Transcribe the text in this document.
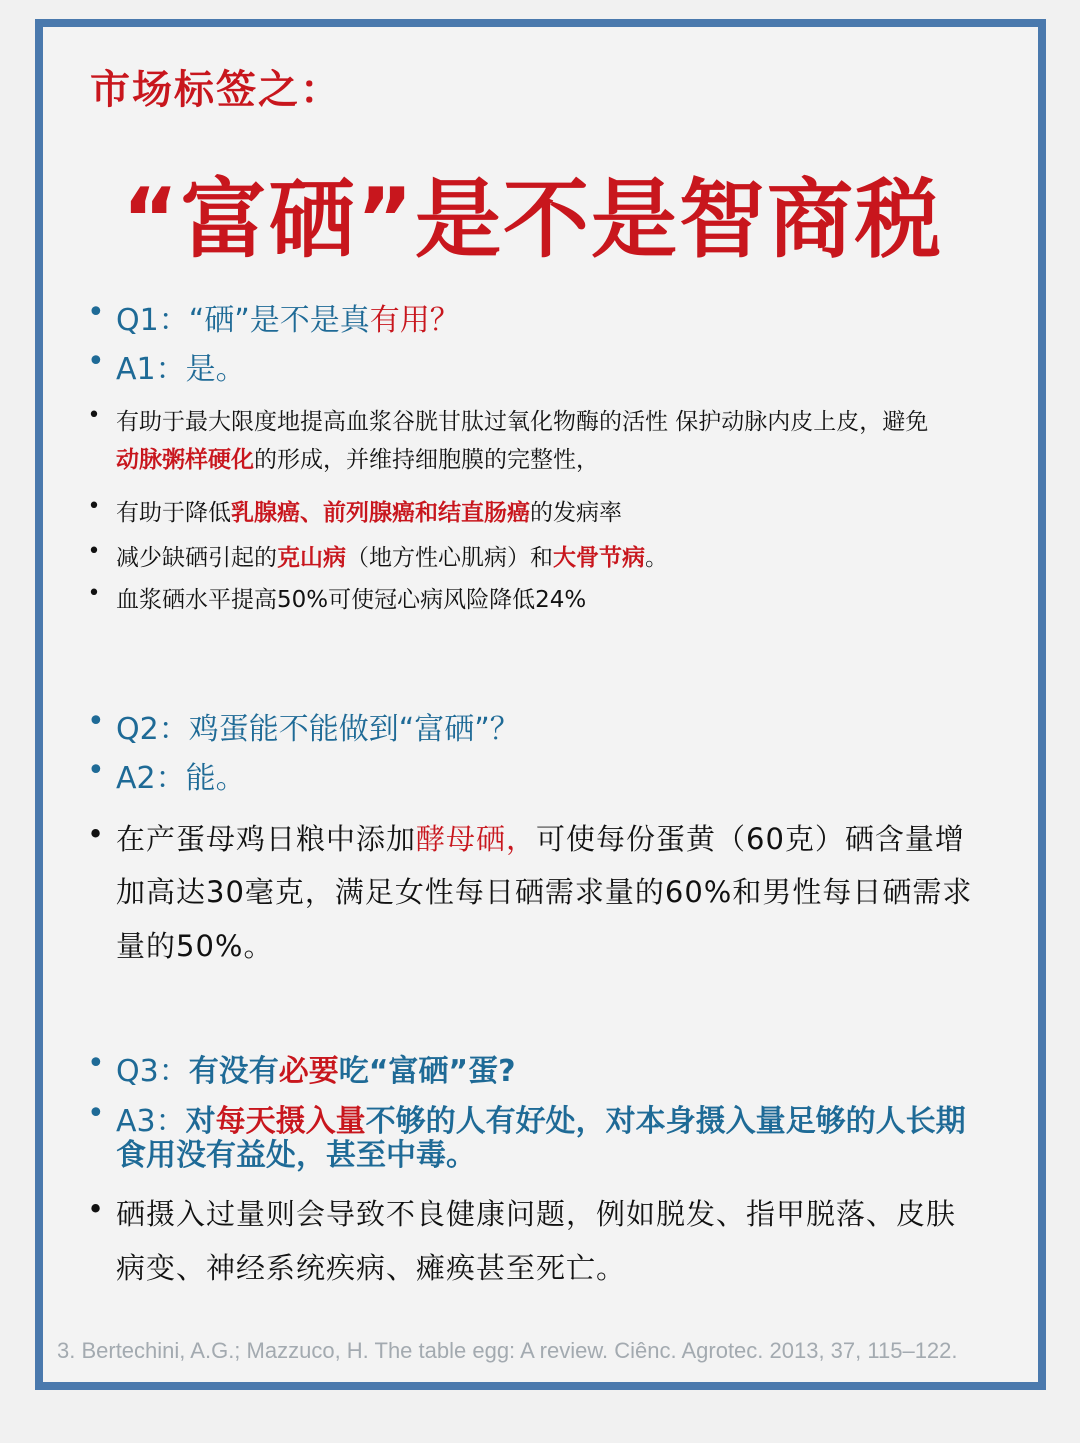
市场标签之：
“富硒”是不是智商税
• Q1：“硒”是不是真有用？
• A1：是。
• 有助于最大限度地提高血浆谷胱甘肽过氧化物酶的活性 保护动脉内皮上皮，避免
动脉粥样硬化的形成，并维持细胞膜的完整性，
• 有助于降低乳腺癌、前列腺癌和结直肠癌的发病率
• 减少缺硒引起的克山病（地方性心肌病）和大骨节病。
• 血浆硒水平提高50%可使冠心病风险降低24%
• Q2：鸡蛋能不能做到“富硒”？
• A2：能。
• 在产蛋母鸡日粮中添加酵母硒，可使每份蛋黄（60克）硒含量增
加高达30毫克，满足女性每日硒需求量的60%和男性每日硒需求
量的50%。
• Q3：有没有必要吃“富硒”蛋?
• A3：对每天摄入量不够的人有好处，对本身摄入量足够的人长期
食用没有益处，甚至中毒。
• 硒摄入过量则会导致不良健康问题，例如脱发、指甲脱落、皮肤
病变、神经系统疾病、瘫痪甚至死亡。
3. Bertechini, A.G.; Mazzuco, H. The table egg: A review. Ciênc. Agrotec. 2013, 37, 115–122.
